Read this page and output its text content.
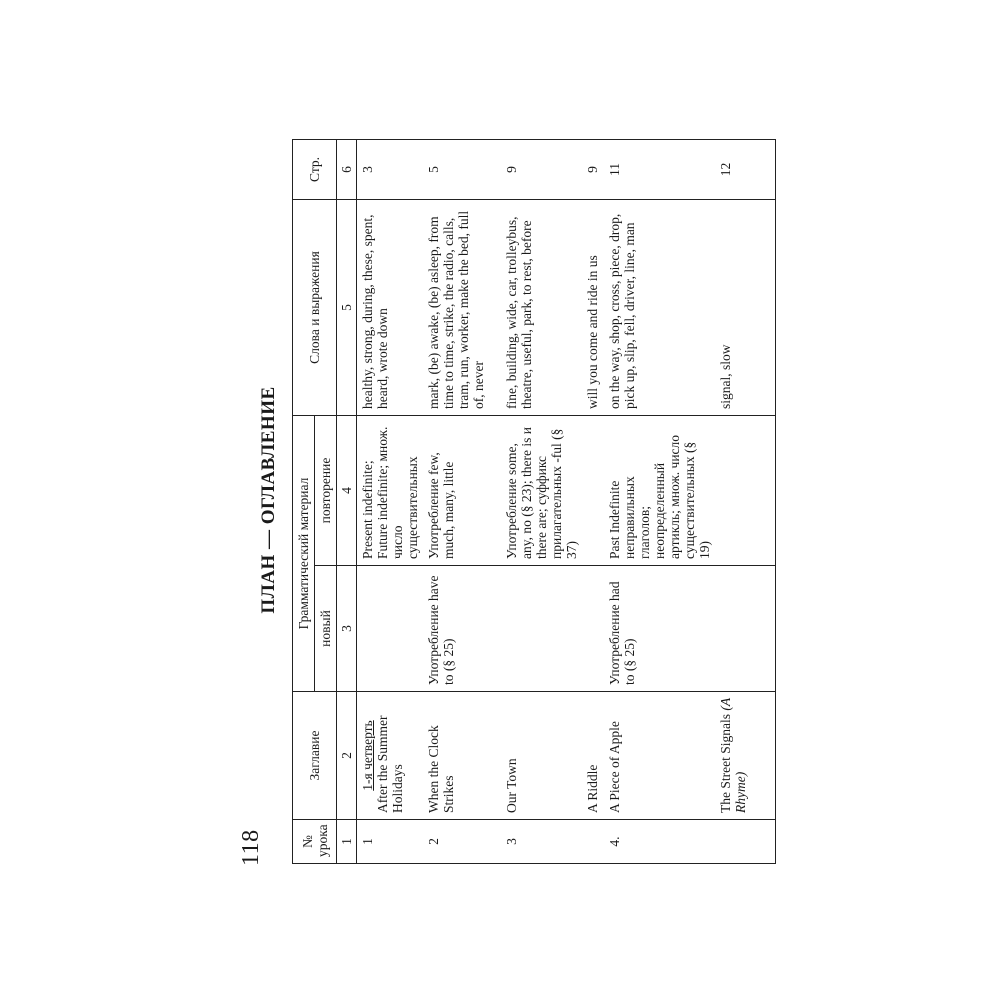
118
ПЛАН — ОГЛАВЛЕНИЕ
№ урока	Заглавие	Грамматический материал		Слова и выражения	Стр.
		новый	повторение		
1	2	3	4	5	6
1	1-я четверть After the Summer Holidays		Present indefinite; Future indefinite; множ. число существительных	healthy, strong, during, these, spent, heard, wrote down	3
2	When the Clock Strikes	Употребление have to (§ 25)	Употребление few, much, many, little	mark, (be) awake, (be) asleep, from time to time, strike, the radio, calls, tram, run, worker, make the bed, full of, never	5
3	Our Town		Употребление some, any, no (§ 23); there is и there are; суффикс прилагательных -ful (§ 37)	fine, building, wide, car, trolleybus, theatre, useful, park, to rest, before	9
	A Riddle			will you come and ride in us	9
4.	A Piece of Apple	Употребление had to (§ 25)	Past Indefinite неправильных глаголов; неопределенный артикль; множ. число существительных (§ 19)	on the way, shop, cross, piece, drop, pick up, slip, fell, driver, line, man	11
	The Street Signals (A Rhyme)			signal, slow	12
